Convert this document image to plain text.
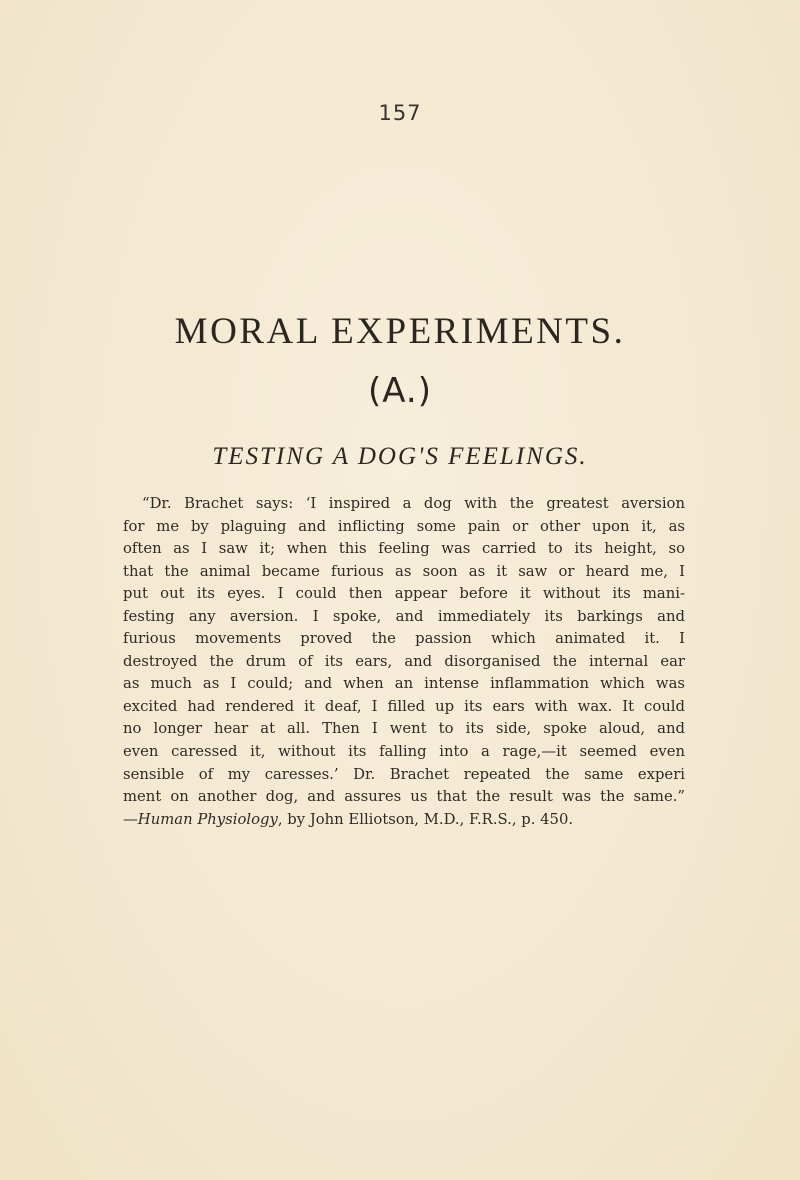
157
MORAL EXPERIMENTS.
(A.)
TESTING A DOG'S FEELINGS.
“Dr. Brachet says: ‘I inspired a dog with the greatest aversion
for me by plaguing and inflicting some pain or other upon it, as
often as I saw it; when this feeling was carried to its height, so
that the animal became furious as soon as it saw or heard me, I
put out its eyes. I could then appear before it without its mani-
festing any aversion. I spoke, and immediately its barkings and
furious movements proved the passion which animated it. I
destroyed the drum of its ears, and disorganised the internal ear
as much as I could; and when an intense inflammation which was
excited had rendered it deaf, I filled up its ears with wax. It could
no longer hear at all. Then I went to its side, spoke aloud, and
even caressed it, without its falling into a rage,—it seemed even
sensible of my caresses.’ Dr. Brachet repeated the same experi
ment on another dog, and assures us that the result was the same.”
—Human Physiology, by John Elliotson, M.D., F.R.S., p. 450.
